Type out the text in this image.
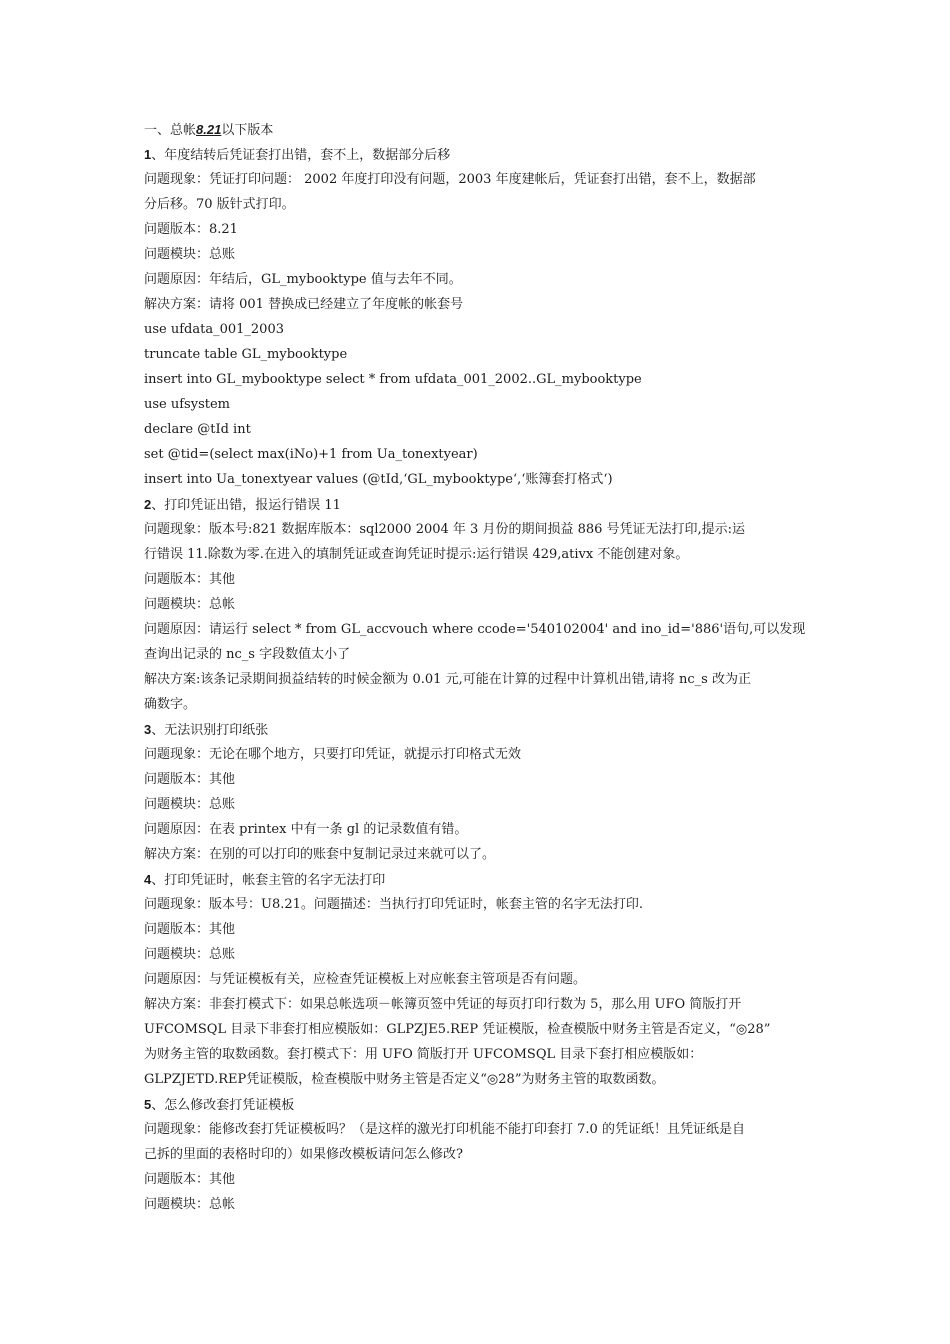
一、总帐8.21以下版本
1、年度结转后凭证套打出错，套不上，数据部分后移
问题现象：凭证打印问题： 2002 年度打印没有问题，2003 年度建帐后，凭证套打出错，套不上，数据部
分后移。70 版针式打印。
问题版本：8.21
问题模块：总账
问题原因：年结后，GL_mybooktype 值与去年不同。
解决方案：请将 001 替换成已经建立了年度帐的帐套号
use ufdata_001_2003
truncate table GL_mybooktype
insert into GL_mybooktype select * from ufdata_001_2002..GL_mybooktype
use ufsystem
declare @tId int
set @tid=(select max(iNo)+1 from Ua_tonextyear)
insert into Ua_tonextyear values (@tId,‘GL_mybooktype‘,‘账簿套打格式‘)
2、打印凭证出错，报运行错误 11
问题现象：版本号:821 数据库版本：sql2000 2004 年 3 月份的期间损益 886 号凭证无法打印,提示:运
行错误 11.除数为零.在进入的填制凭证或查询凭证时提示:运行错误 429,ativx 不能创建对象。
问题版本：其他
问题模块：总帐
问题原因：请运行 select * from GL_accvouch where ccode='540102004' and ino_id='886'语句,可以发现
查询出记录的 nc_s 字段数值太小了
解决方案:该条记录期间损益结转的时候金额为 0.01 元,可能在计算的过程中计算机出错,请将 nc_s 改为正
确数字。
3、无法识别打印纸张
问题现象：无论在哪个地方，只要打印凭证，就提示打印格式无效
问题版本：其他
问题模块：总账
问题原因：在表 printex 中有一条 gl 的记录数值有错。
解决方案：在别的可以打印的账套中复制记录过来就可以了。
4、打印凭证时，帐套主管的名字无法打印
问题现象：版本号：U8.21。问题描述：当执行打印凭证时，帐套主管的名字无法打印.
问题版本：其他
问题模块：总账
问题原因：与凭证模板有关，应检查凭证模板上对应帐套主管项是否有问题。
解决方案：非套打模式下：如果总帐选项－帐簿页签中凭证的每页打印行数为 5，那么用 UFO 简版打开
UFCOMSQL 目录下非套打相应模版如：GLPZJE5.REP 凭证模版，检查模版中财务主管是否定义，“◎28”
为财务主管的取数函数。套打模式下：用 UFO 简版打开 UFCOMSQL 目录下套打相应模版如：
GLPZJETD.REP凭证模版，检查模版中财务主管是否定义“◎28”为财务主管的取数函数。
5、怎么修改套打凭证模板
问题现象：能修改套打凭证模板吗？（是这样的激光打印机能不能打印套打 7.0 的凭证纸！且凭证纸是自
己拆的里面的表格时印的）如果修改模板请问怎么修改?
问题版本：其他
问题模块：总帐
